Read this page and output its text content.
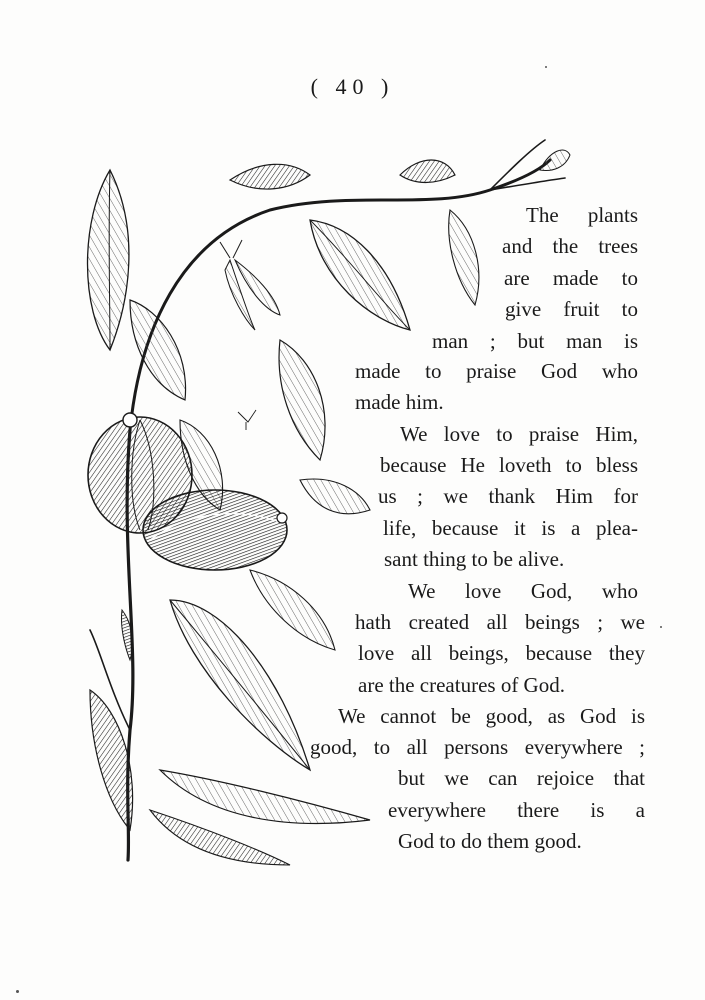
( 40 )
The plants
and the trees
are made to
give fruit to
man ; but man is
made to praise God who
made him.
We love to praise Him,
because He loveth to bless
us ; we thank Him for
life, because it is a plea-
sant thing to be alive.
We love God, who
hath created all beings ; we
love all beings, because they
are the creatures of God.
We cannot be good, as God is
good, to all persons everywhere ;
but we can rejoice that
everywhere there is a
God to do them good.
